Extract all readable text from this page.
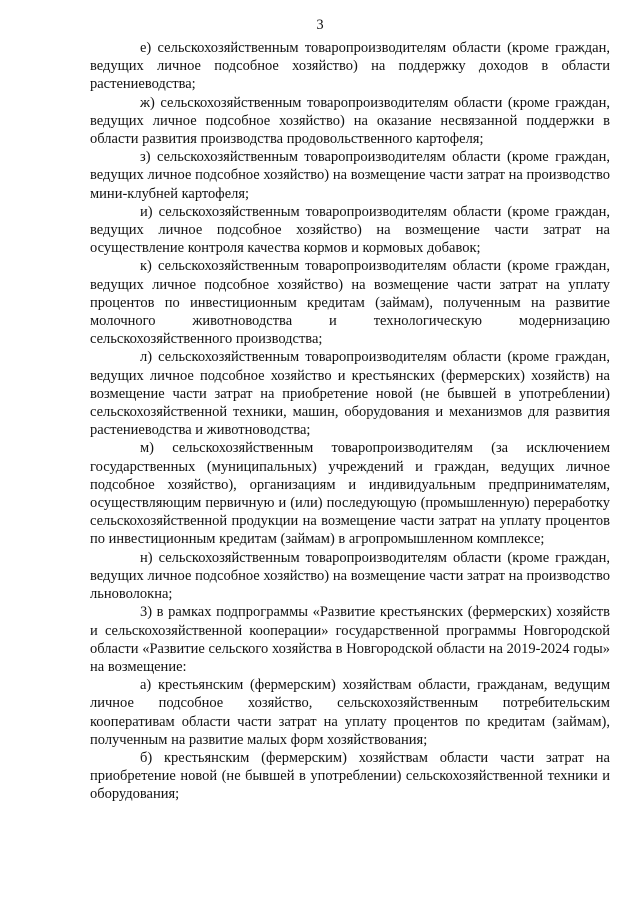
3

е) сельскохозяйственным товаропроизводителям области (кроме граждан, ведущих личное подсобное хозяйство) на поддержку доходов в области растениеводства;

ж) сельскохозяйственным товаропроизводителям области (кроме граждан, ведущих личное подсобное хозяйство) на оказание несвязанной поддержки в области развития производства продовольственного картофеля;

з) сельскохозяйственным товаропроизводителям области (кроме граждан, ведущих личное подсобное хозяйство) на возмещение части затрат на производство мини-клубней картофеля;

и) сельскохозяйственным товаропроизводителям области (кроме граждан, ведущих личное подсобное хозяйство) на возмещение части затрат на осуществление контроля качества кормов и кормовых добавок;

к) сельскохозяйственным товаропроизводителям области (кроме граждан, ведущих личное подсобное хозяйство) на возмещение части затрат на уплату процентов по инвестиционным кредитам (займам), полученным на развитие молочного животноводства и технологическую модернизацию сельскохозяйственного производства;

л) сельскохозяйственным товаропроизводителям области (кроме граждан, ведущих личное подсобное хозяйство и крестьянских (фермерских) хозяйств) на возмещение части затрат на приобретение новой (не бывшей в употреблении) сельскохозяйственной техники, машин, оборудования и механизмов для развития растениеводства и животноводства;

м) сельскохозяйственным товаропроизводителям (за исключением государственных (муниципальных) учреждений и граждан, ведущих личное подсобное хозяйство), организациям и индивидуальным предпринимателям, осуществляющим первичную и (или) последующую (промышленную) переработку сельскохозяйственной продукции на возмещение части затрат на уплату процентов по инвестиционным кредитам (займам) в агропромышленном комплексе;

н) сельскохозяйственным товаропроизводителям области (кроме граждан, ведущих личное подсобное хозяйство) на возмещение части затрат на производство льноволокна;

3) в рамках подпрограммы «Развитие крестьянских (фермерских) хозяйств и сельскохозяйственной кооперации» государственной программы Новгородской области «Развитие сельского хозяйства в Новгородской области на 2019-2024 годы» на возмещение:

а) крестьянским (фермерским) хозяйствам области, гражданам, ведущим личное подсобное хозяйство, сельскохозяйственным потребительским кооперативам области части затрат на уплату процентов по кредитам (займам), полученным на развитие малых форм хозяйствования;

б) крестьянским (фермерским) хозяйствам области части затрат на приобретение новой (не бывшей в употреблении) сельскохозяйственной техники и оборудования;
